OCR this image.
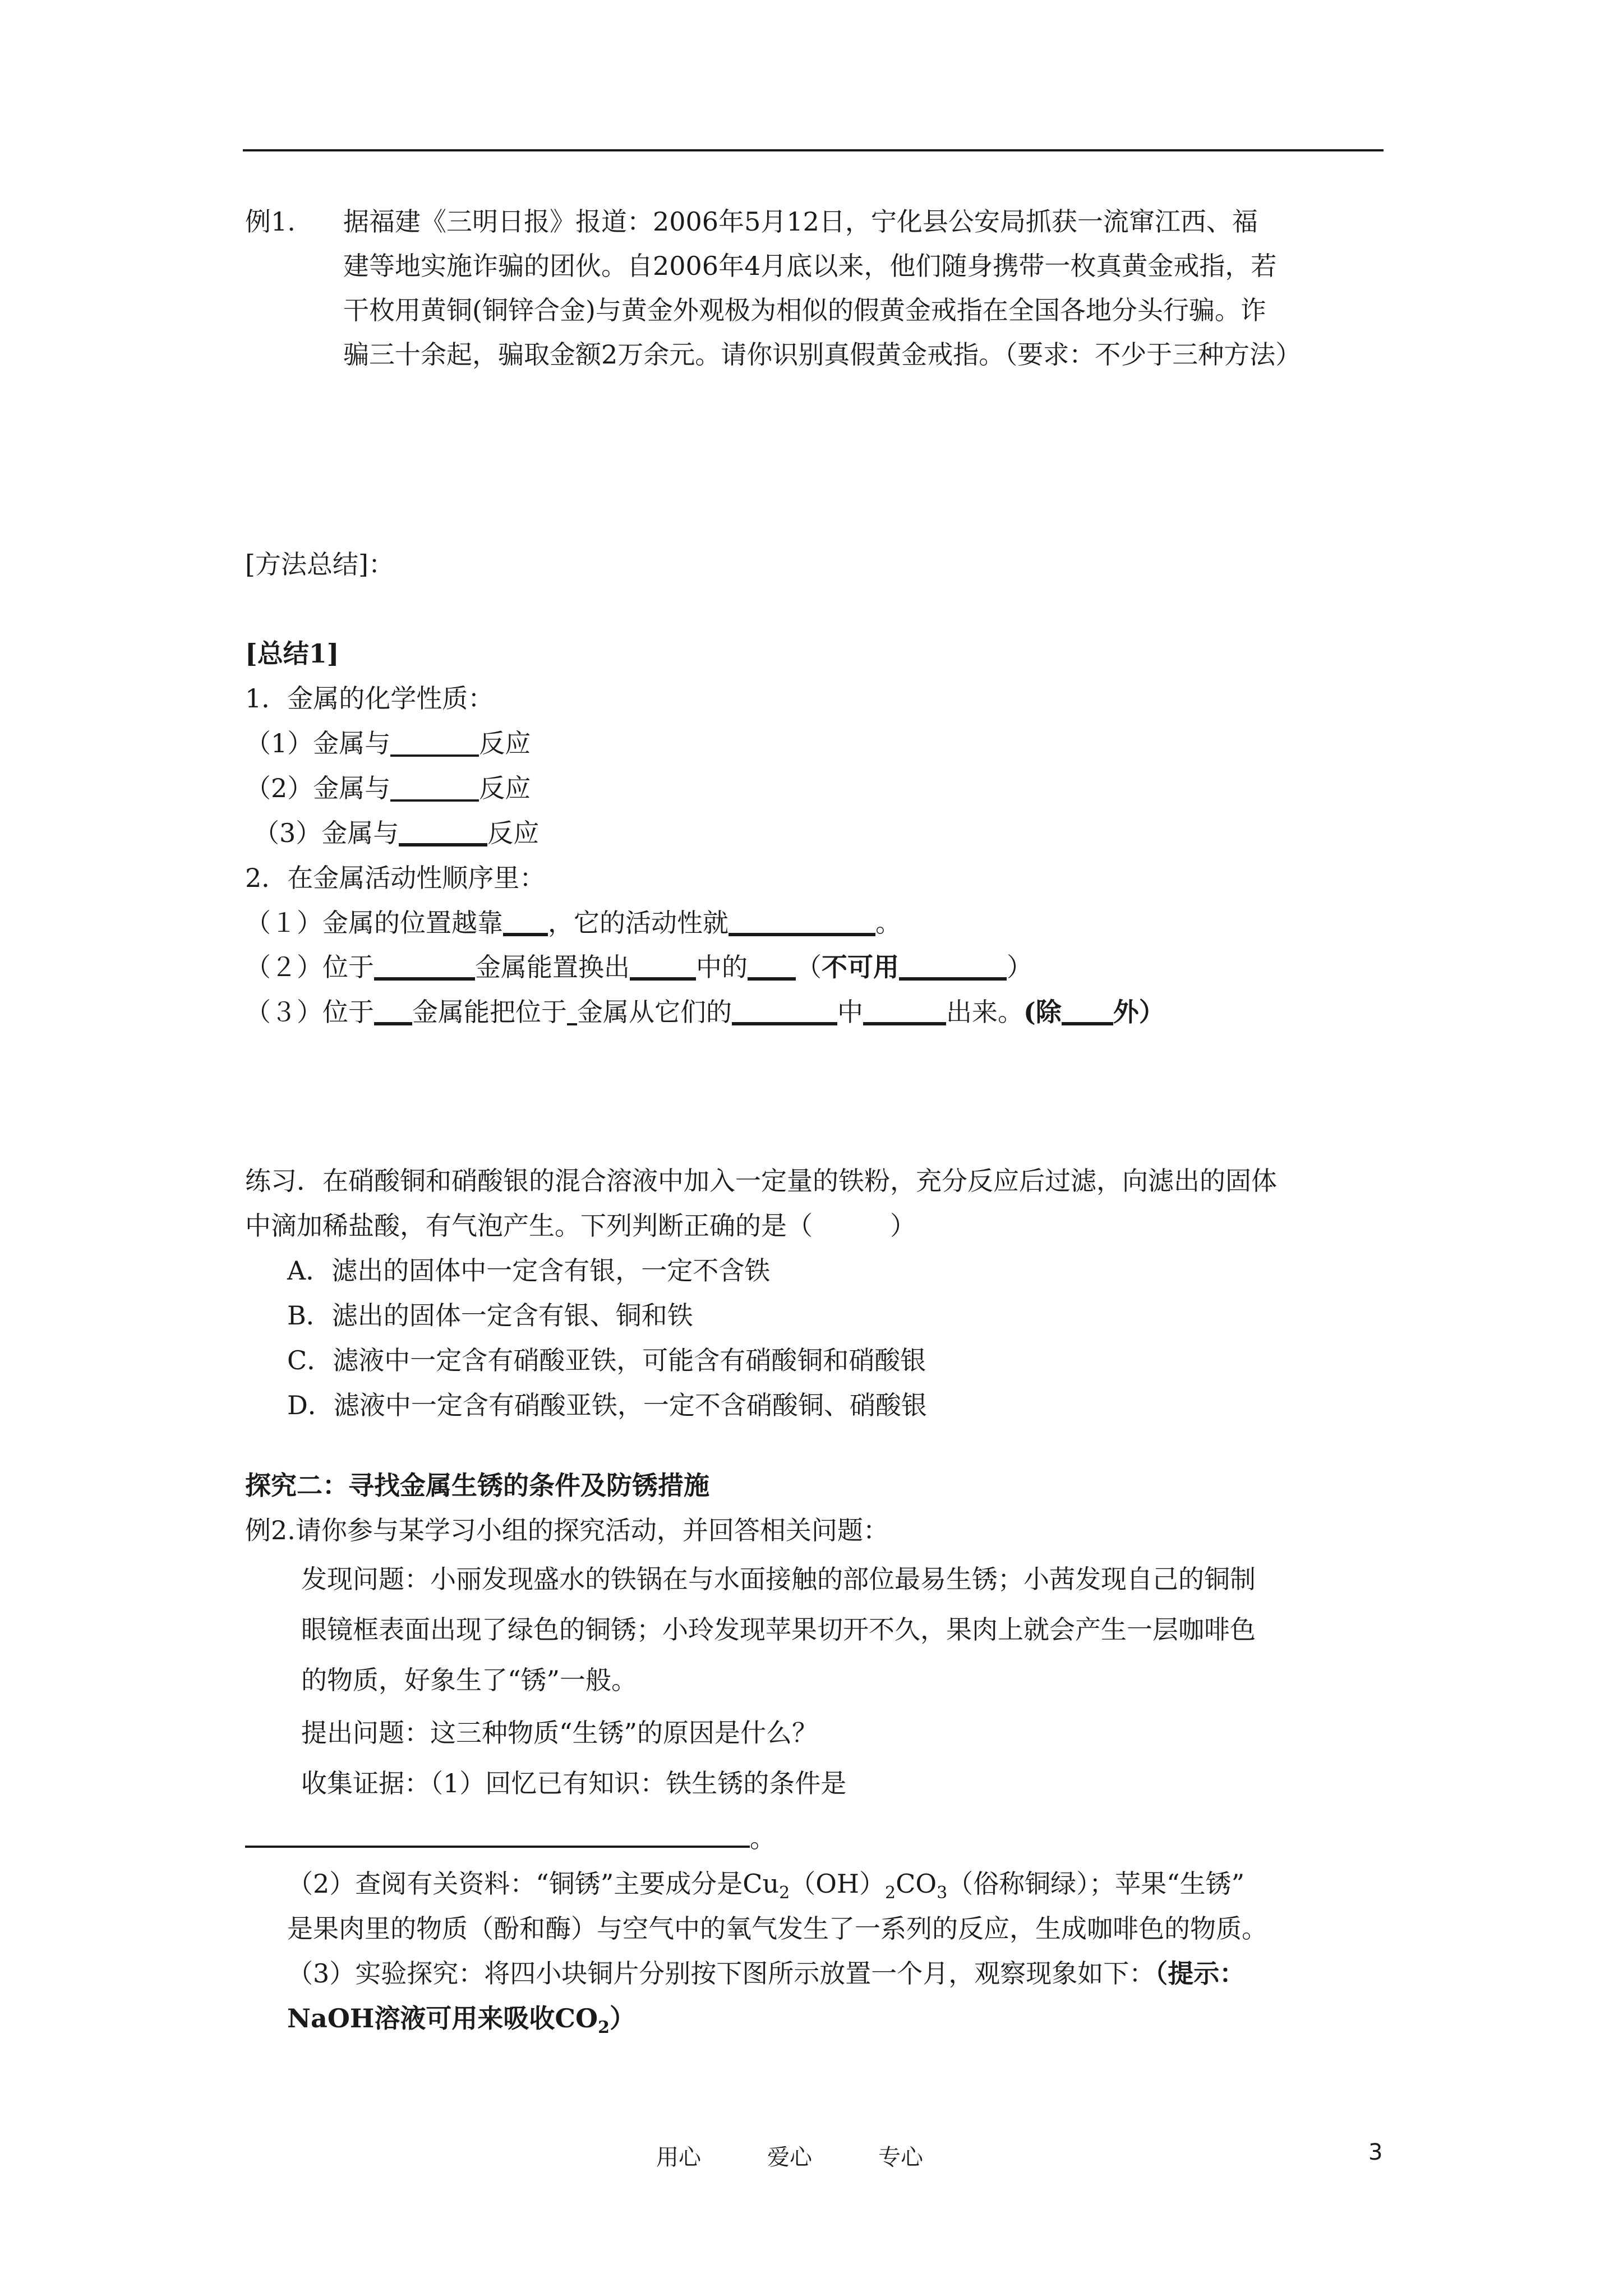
例1. 据福建《三明日报》报道：2006年5月12日，宁化县公安局抓获一流窜江西、福
建等地实施诈骗的团伙。自2006年4月底以来，他们随身携带一枚真黄金戒指，若
干枚用黄铜(铜锌合金)与黄金外观极为相似的假黄金戒指在全国各地分头行骗。诈
骗三十余起，骗取金额2万余元。请你识别真假黄金戒指。（要求：不少于三种方法）
[方法总结]：
[总结1]
1．金属的化学性质：
（1）金属与	反应
（2）金属与	反应
（3）金属与	反应
2．在金属活动性顺序里：
（１）金属的位置越靠 ，它的活动性就	。
（２）位于	金属能置换出	中的 （不可用	）
（３）位于 金属能把位于 金属从它们的	中	出来。(除 外）
练习．在硝酸铜和硝酸银的混合溶液中加入一定量的铁粉，充分反应后过滤，向滤出的固体
中滴加稀盐酸，有气泡产生。下列判断正确的是（　　　）
A．滤出的固体中一定含有银，一定不含铁
B．滤出的固体一定含有银、铜和铁
C．滤液中一定含有硝酸亚铁，可能含有硝酸铜和硝酸银
D．滤液中一定含有硝酸亚铁，一定不含硝酸铜、硝酸银
探究二：寻找金属生锈的条件及防锈措施
例2.请你参与某学习小组的探究活动，并回答相关问题：
发现问题：小丽发现盛水的铁锅在与水面接触的部位最易生锈；小茜发现自己的铜制
眼镜框表面出现了绿色的铜锈；小玲发现苹果切开不久，果肉上就会产生一层咖啡色
的物质，好象生了“锈”一般。
提出问题：这三种物质“生锈”的原因是什么？
收集证据：（1）回忆已有知识：铁生锈的条件是
。
（2）查阅有关资料：“铜锈”主要成分是$Cu_2(OH)_2CO_3$（俗称铜绿）；苹果“生锈”
是果肉里的物质（酚和酶）与空气中的氧气发生了一系列的反应，生成咖啡色的物质。
（3）实验探究：将四小块铜片分别按下图所示放置一个月，观察现象如下：（提示：
NaOH溶液可用来吸收$CO_2$）
用心	爱心	专心	3
